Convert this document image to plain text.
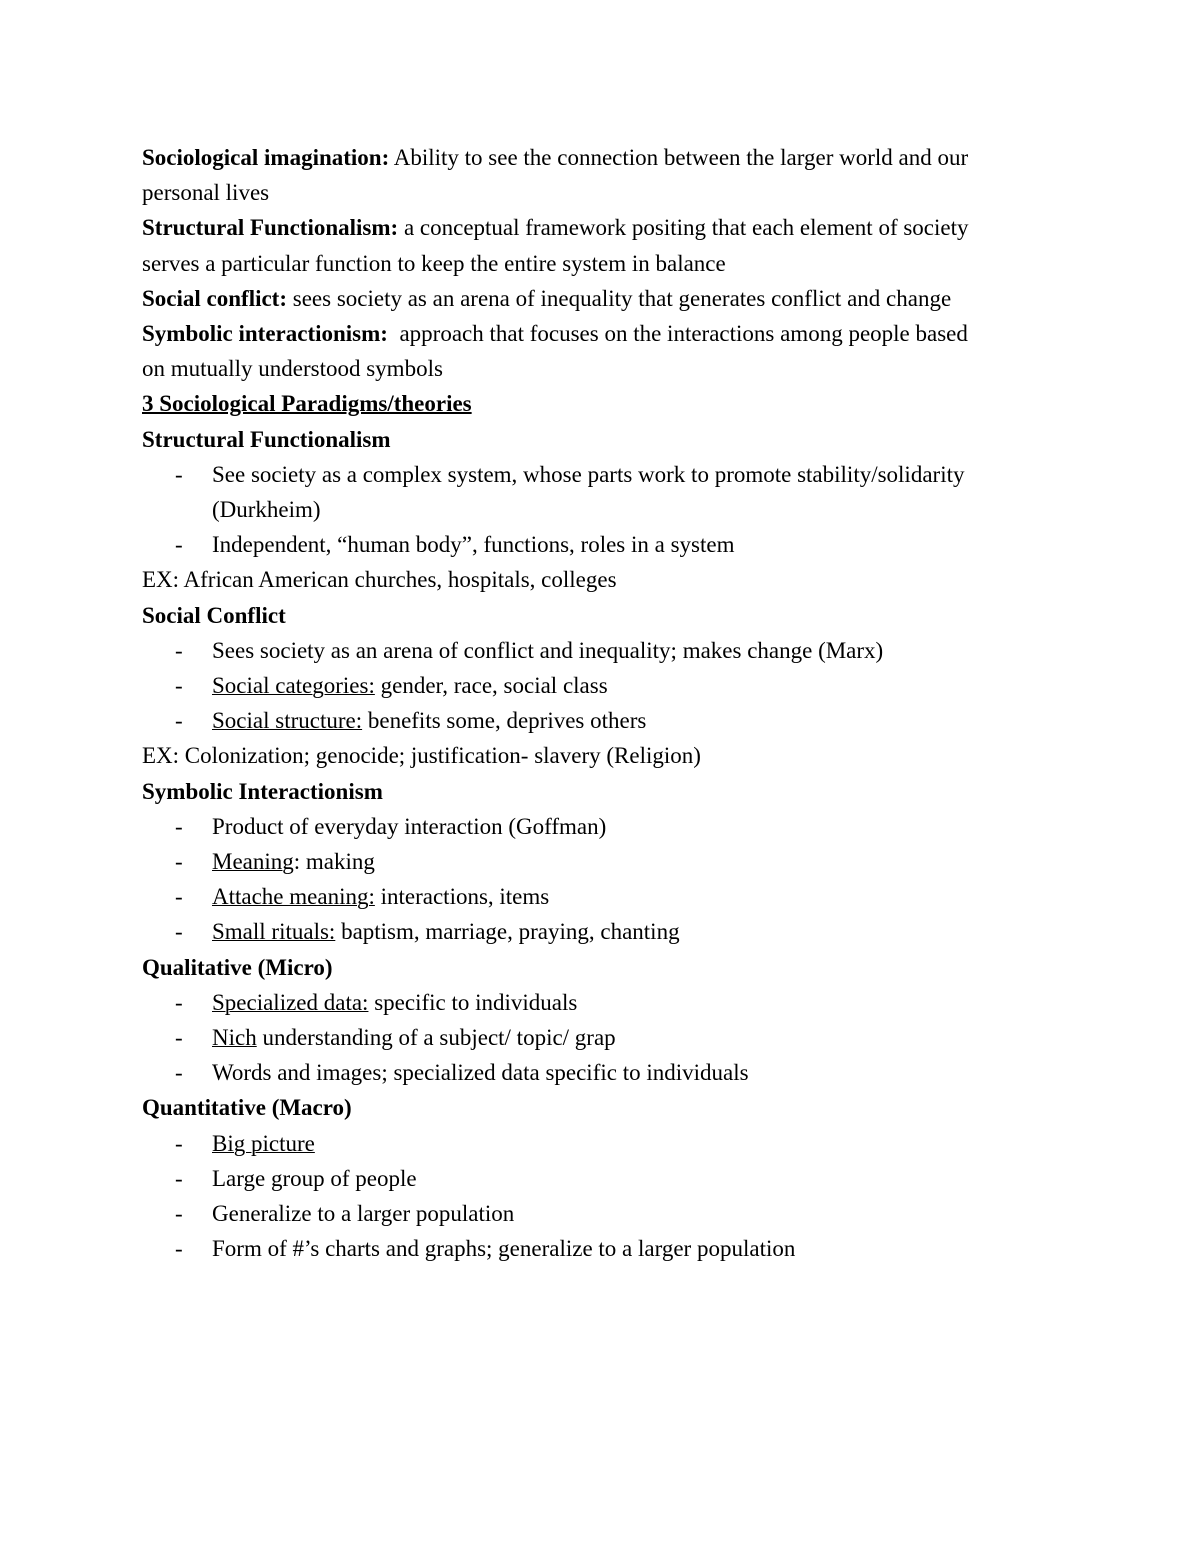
Sociological imagination: Ability to see the connection between the larger world and our

personal lives

Structural Functionalism: a conceptual framework positing that each element of society

serves a particular function to keep the entire system in balance

Social conflict: sees society as an arena of inequality that generates conflict and change

Symbolic interactionism:  approach that focuses on the interactions among people based

on mutually understood symbols

3 Sociological Paradigms/theories

Structural Functionalism

- See society as a complex system, whose parts work to promote stability/solidarity
(Durkheim)
- Independent, “human body”, functions, roles in a system

EX: African American churches, hospitals, colleges

Social Conflict

- Sees society as an arena of conflict and inequality; makes change (Marx)
- Social categories: gender, race, social class
- Social structure: benefits some, deprives others

EX: Colonization; genocide; justification- slavery (Religion)

Symbolic Interactionism

- Product of everyday interaction (Goffman)
- Meaning: making
- Attache meaning: interactions, items
- Small rituals: baptism, marriage, praying, chanting

Qualitative (Micro)

- Specialized data: specific to individuals
- Nich understanding of a subject/ topic/ grap
- Words and images; specialized data specific to individuals

Quantitative (Macro)

- Big picture
- Large group of people
- Generalize to a larger population
- Form of #’s charts and graphs; generalize to a larger population
